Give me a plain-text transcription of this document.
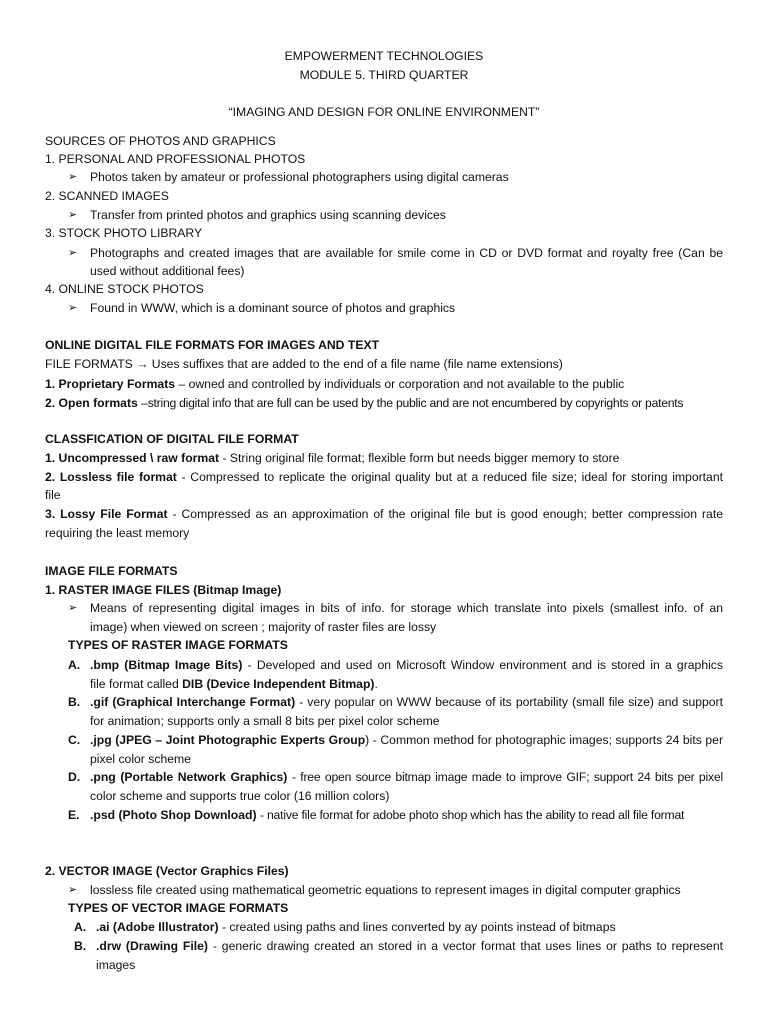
EMPOWERMENT TECHNOLOGIES
MODULE 5. THIRD QUARTER
“IMAGING AND DESIGN FOR ONLINE ENVIRONMENT”
SOURCES OF PHOTOS AND GRAPHICS
1. PERSONAL AND PROFESSIONAL PHOTOS
➢ Photos taken by amateur or professional photographers using digital cameras
2. SCANNED IMAGES
➢ Transfer from printed photos and graphics using scanning devices
3. STOCK PHOTO LIBRARY
➢ Photographs and created images that are available for smile come in CD or DVD format and royalty free (Can be
used without additional fees)
4. ONLINE STOCK PHOTOS
➢ Found in WWW, which is a dominant source of photos and graphics
ONLINE DIGITAL FILE FORMATS FOR IMAGES AND TEXT
FILE FORMATS → Uses suffixes that are added to the end of a file name (file name extensions)
1. Proprietary Formats – owned and controlled by individuals or corporation and not available to the public
2. Open formats –string digital info that are full can be used by the public and are not encumbered by copyrights or patents
CLASSFICATION OF DIGITAL FILE FORMAT
1. Uncompressed \ raw format - String original file format; flexible form but needs bigger memory to store
2. Lossless file format - Compressed to replicate the original quality but at a reduced file size; ideal for storing important
file
3. Lossy File Format - Compressed as an approximation of the original file but is good enough; better compression rate
requiring the least memory
IMAGE FILE FORMATS
1. RASTER IMAGE FILES (Bitmap Image)
➢ Means of representing digital images in bits of info. for storage which translate into pixels (smallest info. of an
image) when viewed on screen ; majority of raster files are lossy
TYPES OF RASTER IMAGE FORMATS
A. .bmp (Bitmap Image Bits) - Developed and used on Microsoft Window environment and is stored in a graphics
file format called DIB (Device Independent Bitmap).
B. .gif (Graphical Interchange Format) - very popular on WWW because of its portability (small file size) and support
for animation; supports only a small 8 bits per pixel color scheme
C. .jpg (JPEG – Joint Photographic Experts Group) - Common method for photographic images; supports 24 bits per
pixel color scheme
D. .png (Portable Network Graphics) - free open source bitmap image made to improve GIF; support 24 bits per pixel
color scheme and supports true color (16 million colors)
E. .psd (Photo Shop Download) - native file format for adobe photo shop which has the ability to read all file format
2. VECTOR IMAGE (Vector Graphics Files)
➢ lossless file created using mathematical geometric equations to represent images in digital computer graphics
TYPES OF VECTOR IMAGE FORMATS
A. .ai (Adobe Illustrator) - created using paths and lines converted by ay points instead of bitmaps
B. .drw (Drawing File) - generic drawing created an stored in a vector format that uses lines or paths to represent
images
